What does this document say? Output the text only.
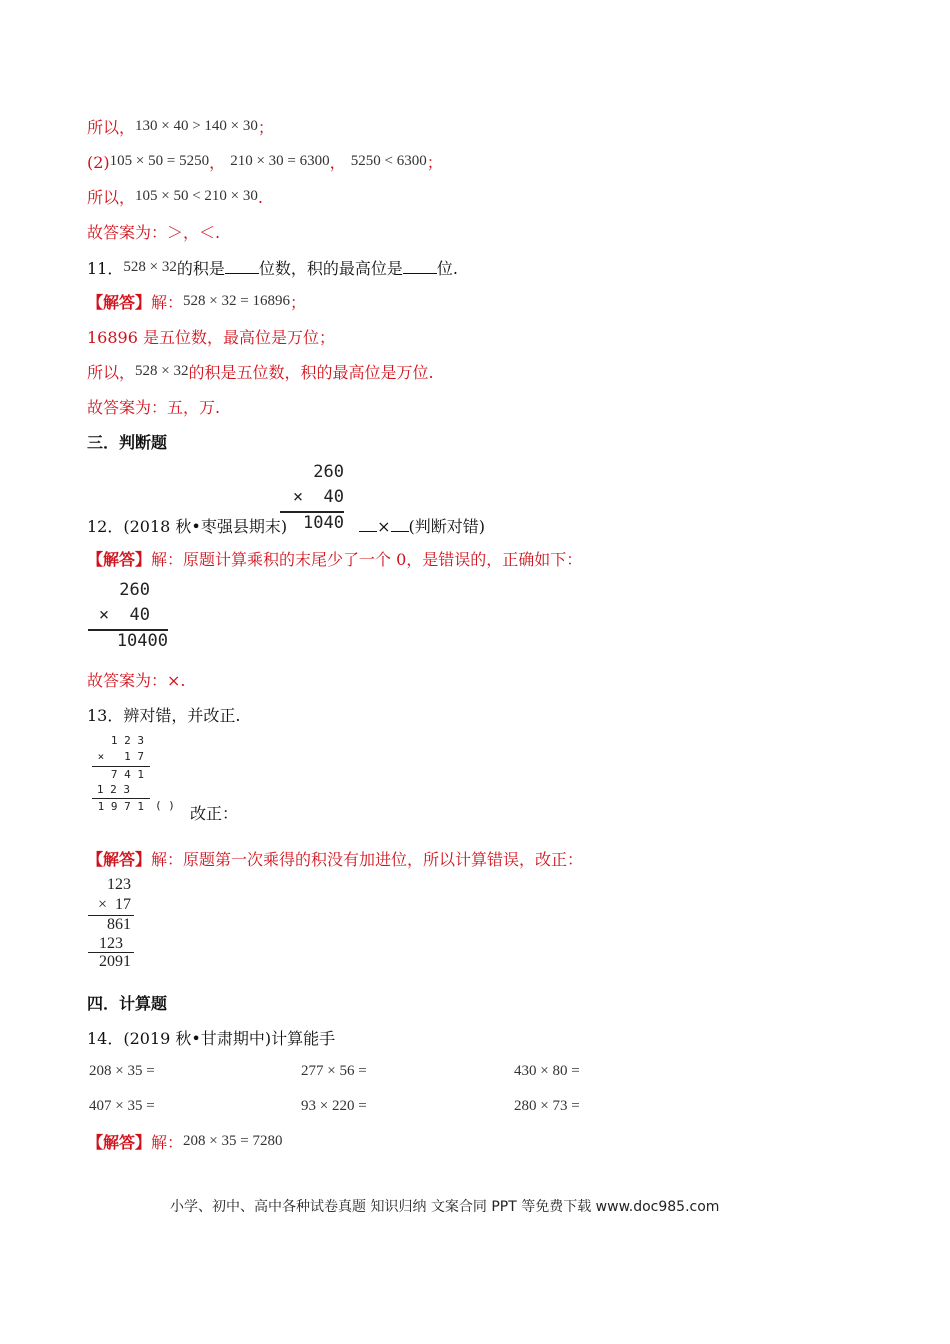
所以，130 × 40 > 140 × 30；
(2)105 × 50 = 5250， 210 × 30 = 6300， 5250 < 6300；
所以，105 × 50 < 210 × 30.
故答案为：＞，＜.
11．528 × 32的积是 位数，积的最高位是 位.
【解答】解：528 × 32 = 16896；
16896 是五位数，最高位是万位；
所以，528 × 32的积是五位数，积的最高位是万位.
故答案为：五，万.
三．判断题
260
×  40
1040
12．(2018 秋•枣强县期末)	× (判断对错)
【解答】解：原题计算乘积的末尾少了一个 0，是错误的，正确如下：
260
×  40
10400
故答案为：×.
13．辨对错，并改正.
1 2 3
×   1 7
7 4 1
1 2 3
1 9 7 1 ( ) 改正：
【解答】解：原题第一次乘得的积没有加进位，所以计算错误，改正：
123
×  17
861
123
2091
四．计算题
14．(2019 秋•甘肃期中)计算能手
208 × 35 =	277 × 56 =	430 × 80 =
407 × 35 =	93 × 220 =	280 × 73 =
【解答】解：208 × 35 = 7280
小学、初中、高中各种试卷真题 知识归纳 文案合同 PPT 等免费下载 www.doc985.com
